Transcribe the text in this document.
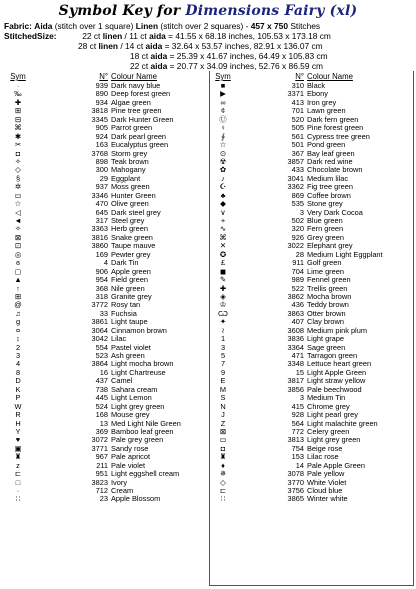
Symbol Key for Dimensions Fairy (xl)
Fabric: Aida (stitch over 1 square) Linen (stitch over 2 squares) - 457 x 750 Stitches
StitchedSize:	22 ct linen / 11 ct aida = 41.55 x 68.18 inches, 105.53 x 173.18 cm
28 ct linen / 14 ct aida = 32.64 x 53.57 inches, 82.91 x 136.07 cm
18 ct aida = 25.39 x 41.67 inches, 64.49 x 105.83 cm
22 ct aida = 20.77 x 34.09 inches, 52.76 x 86.59 cm
Sym	N° Colour Name
·	939 Dark navy blue
‰	890 Deep forest green
✚	934 Algae green
⊞	3818 Pine tree green
⊟	3345 Dark Hunter Green
⌘	905 Parrot green
✱	924 Dark pearl green
✂	163 Eucalyptus green
◘	3768 Storm grey
✧	898 Teak brown
◇	300 Mahogany
§	29 Eggplant
✲	937 Moss green
▭	3346 Hunter Green
☆	470 Olive green
◁	645 Dark steel grey
◄	317 Steel grey
✧	3363 Herb green
⊠	3816 Snake green
⊡	3860 Taupe mauve
◎	169 Pewter grey
ɞ	4 Dark Tin
◻	906 Apple green
▲	954 Field green
↑	368 Nile green
⊞	318 Granite grey
@	3772 Rosy tan
♫	33 Fuchsia
g	3861 Light taupe
¤	3064 Cinnamon brown
↕	3042 Lilac
2	554 Pastel violet
3	523 Ash green
4	3864 Light mocha brown
8	16 Light Chartreuse
D	437 Camel
K	738 Sahara cream
P	445 Light Lemon
W	524 Light grey green
R	168 Mouse grey
H	13 Med Light Nile Green
Y	369 Bamboo leaf green
♥	3072 Pale grey green
▣	3771 Sandy rose
♜	967 Pale apricot
z	211 Pale violet
⊏	951 Light eggshell cream
□	3823 Ivory
·	712 Cream
∷	23 Apple Blossom
Sym	N° Colour Name
■	310 Black
▶	3371 Ebony
∞	413 Iron grey
¢	701 Lawn green
Ⓤ	520 Dark fern green
♀	505 Pine forest green
∮	561 Cypress tree green
☆	501 Pond green
⊙	367 Bay leaf green
☢	3857 Dark red wine
✿	433 Chocolate brown
♪	3041 Medium lilac
☪	3362 Fig tree green
♣	869 Coffee brown
◆	535 Stone grey
∨	3 Very Dark Cocoa
+	502 Blue green
∿	320 Fern green
⌘	926 Grey green
✕	3022 Elephant grey
✪	28 Medium Light Eggplant
£	911 Golf green
◼	704 Lime green
✎	989 Fennel green
✚	522 Trellis green
◈	3862 Mocha brown
♔	436 Teddy brown
Ѡ	3863 Otter brown
✦	407 Clay brown
≀	3608 Medium pink plum
1	3836 Light grape
3	3364 Sage green
5	471 Tarragon green
7	3348 Lettuce heart green
9	15 Light Apple Green
E	3817 Light straw yellow
M	3856 Pale beechwood
S	3 Medium Tin
N	415 Chrome grey
J	928 Light pearl grey
Z	564 Light malachite green
⊠	772 Celery green
▭	3813 Light grey green
◘	754 Beige rose
♜	153 Lilac rose
♦	14 Pale Apple Green
✵	3078 Pale yellow
◇	3770 White Violet
⊏	3756 Cloud blue
∷	3865 Winter white
